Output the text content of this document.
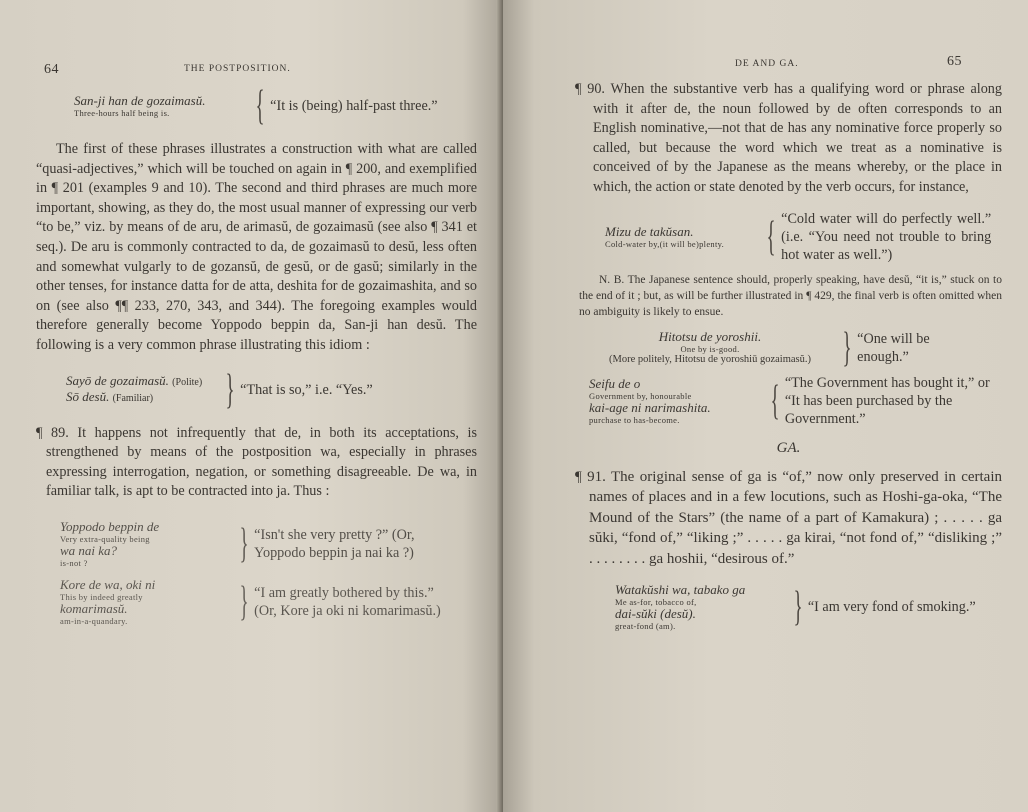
64	THE POSTPOSITION.
San-ji han de gozaimasŭ.
Three-hours half being is.	{ “It is (being) half-past three.”

The first of these phrases illustrates a construction with what are called “quasi-adjectives,” which will be touched on again in ¶ 200, and exemplified in ¶ 201 (examples 9 and 10). The second and third phrases are much more important, showing, as they do, the most usual manner of expressing our verb “to be,” viz. by means of de aru, de arimasŭ, de gozaimasŭ (see also ¶ 341 et seq.). De aru is commonly contracted to da, de gozaimasŭ to desŭ, less often and somewhat vulgarly to de gozansŭ, de gesŭ, or de gasŭ; similarly in the other tenses, for instance datta for de atta, deshita for de gozaimashita, and so on (see also ¶¶ 233, 270, 343, and 344). The foregoing examples would therefore generally become Yoppodo beppin da, San-ji han desŭ. The following is a very common phrase illustrating this idiom :

Sayō de gozaimasŭ. (Polite)
Sō desŭ. (Familiar)	} “That is so,” i.e. “Yes.”

¶ 89. It happens not infrequently that de, in both its acceptations, is strengthened by means of the postposition wa, especially in phrases expressing interrogation, negation, or something disagreeable. De wa, in familiar talk, is apt to be contracted into ja. Thus :

Yoppodo beppin de
Very extra-quality being
wa nai ka?
is-not ?	} “Isn't she very pretty ?” (Or, Yoppodo beppin ja nai ka ?)
Kore de wa, oki ni
This by indeed greatly
komarimasŭ.
am-in-a-quandary.	} “I am greatly bothered by this.” (Or, Kore ja oki ni komarimasŭ.)
DE AND GA.	65

¶ 90. When the substantive verb has a qualifying word or phrase along with it after de, the noun followed by de often corresponds to an English nominative,—not that de has any nominative force properly so called, but because the word which we treat as a nominative is conceived of by the Japanese as the means whereby, or the place in which, the action or state denoted by the verb occurs, for instance,

Mizu de takŭsan.
Cold-water by,(it will be)plenty.	{ “Cold water will do perfectly well.” (i.e. “You need not trouble to bring hot water as well.”)

N. B. The Japanese sentence should, properly speaking, have desŭ, “it is,” stuck on to the end of it ; but, as will be further illustrated in ¶ 429, the final verb is often omitted when no ambiguity is likely to ensue.

Hitotsu de yoroshii.
One by is-good.
(More politely, Hitotsu de yoroshiū gozaimasŭ.) } “One will be enough.”
Seifu de o
Government by, honourable
kai-age ni narimashita.
purchase to has-become.	{ “The Government has bought it,” or “It has been purchased by the Government.”
GA.

¶ 91. The original sense of ga is “of,” now only preserved in certain names of places and in a few locutions, such as Hoshi-ga-oka, “The Mound of the Stars” (the name of a part of Kamakura) ; . . . . . ga sŭki, “fond of,” “liking ;” . . . . . ga kirai, “not fond of,” “disliking ;” . . . . . . . . ga hoshii, “desirous of.”

Watakŭshi wa, tabako ga
Me as-for, tobacco of,
dai-sŭki (desŭ).
great-fond (am).	} “I am very fond of smoking.”
